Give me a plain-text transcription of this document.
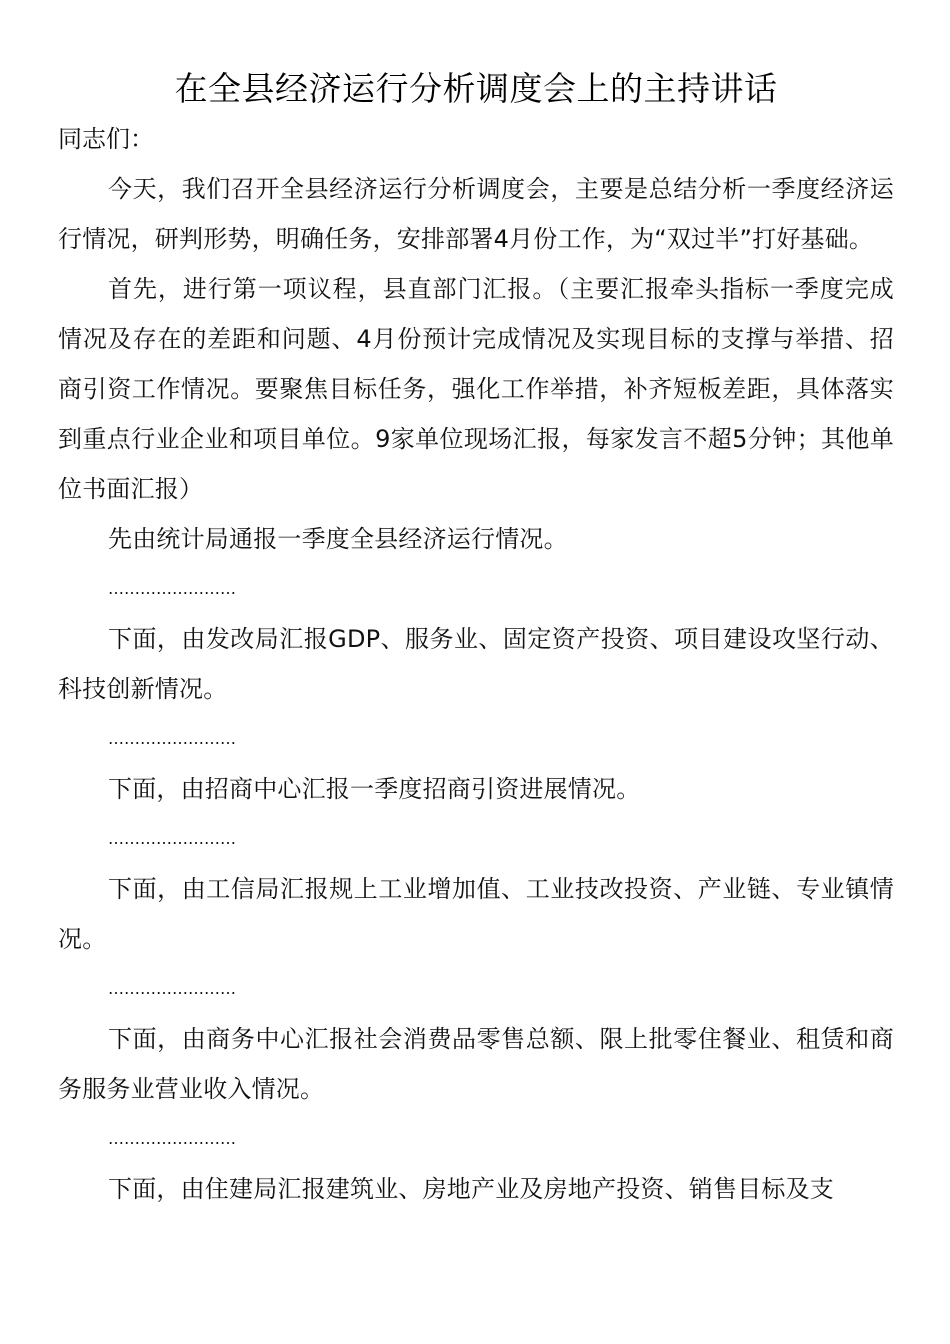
在全县经济运行分析调度会上的主持讲话

同志们：

今天，我们召开全县经济运行分析调度会，主要是总结分析一季度经济运行情况，研判形势，明确任务，安排部署4月份工作，为“双过半”打好基础。

首先，进行第一项议程，县直部门汇报。（主要汇报牵头指标一季度完成情况及存在的差距和问题、4月份预计完成情况及实现目标的支撑与举措、招商引资工作情况。要聚焦目标任务，强化工作举措，补齐短板差距，具体落实到重点行业企业和项目单位。9家单位现场汇报，每家发言不超5分钟；其他单位书面汇报）

先由统计局通报一季度全县经济运行情况。

……………………

下面，由发改局汇报GDP、服务业、固定资产投资、项目建设攻坚行动、科技创新情况。

……………………

下面，由招商中心汇报一季度招商引资进展情况。

……………………

下面，由工信局汇报规上工业增加值、工业技改投资、产业链、专业镇情况。

……………………

下面，由商务中心汇报社会消费品零售总额、限上批零住餐业、租赁和商务服务业营业收入情况。

……………………

下面，由住建局汇报建筑业、房地产业及房地产投资、销售目标及支
